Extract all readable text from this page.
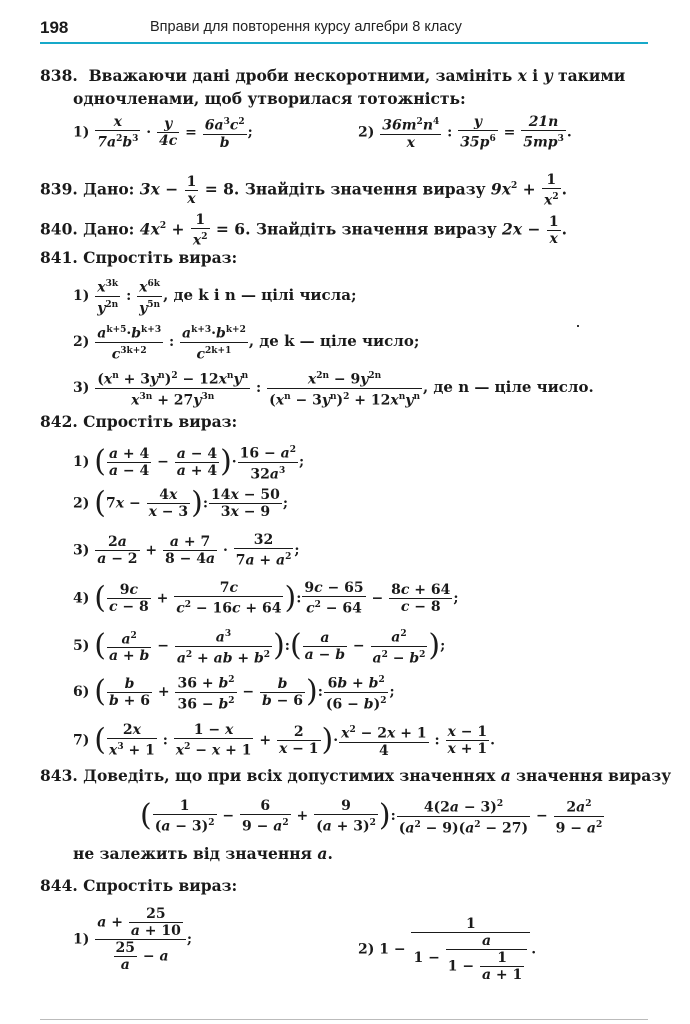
198	Вправи для повторення курсу алгебри 8 класу
838. Вважаючи дані дроби нескоротними, замініть x і y такими
одночленами, щоб утворилася тотожність:
$1) \frac{x}{7a^2b^3} \cdot \frac{y}{4c} = \frac{6a^3c^2}{b}$ ;	$2) \frac{36m^2n^4}{x}$ : $\frac{y}{35p^6} = \frac{21n}{5mp^3}$ .
839. Дано: $3x - \frac{1}{x} = 8$. Знайдіть значення виразу $9x^2 + \frac{1}{x^2}$ .
840. Дано: $4x^2 + \frac{1}{x^2} = 6$. Знайдіть значення виразу $2x - \frac{1}{x}$ .
841. Спростіть вираз:
$1) \frac{x^{3k}}{y^{2n}}$ : $\frac{x^{6k}}{y^{5n}}$ , де k і n — цілі числа;
$2) \frac{a^{k+5}\cdot b^{k+3}}{c^{3k+2}}$ : $\frac{a^{k+3}\cdot b^{k+2}}{c^{2k+1}}$ , де k — ціле число;
3)
$(x^n + 3y^n)^2 - 12x^ny^n$
$x^{3n} + 27y^{3n}$
:
$x^{2n} - 9y^{2n}$
$(x^n - 3y^n)^2 + 12x^ny^n$
, де n — ціле число.
842. Спростіть вираз:
1) ( $\frac{a + 4}{a - 4} - \frac{a - 4}{a + 4}$ )· $\frac{16 - a^2}{32a^3}$ ;
2) ($7x - \frac{4x}{x - 3}$ ): $\frac{14x - 50}{3x - 9}$ ;
$3) \frac{2a}{a - 2} + \frac{a + 7}{8 - 4a} \cdot \frac{32}{7a + a^2}$ ;
4) ( $\frac{9c}{c - 8} + \frac{7c}{c^2 - 16c + 64}$ ): $\frac{9c - 65}{c^2 - 64} - \frac{8c + 64}{c - 8}$ ;
5) ( $\frac{a^2}{a + b} - \frac{a^3}{a^2 + ab + b^2}$ ):( $\frac{a}{a - b} - \frac{a^2}{a^2 - b^2}$ );
6) ( $\frac{b}{b + 6} + \frac{36 + b^2}{36 - b^2} - \frac{b}{b - 6}$ ): $\frac{6b + b^2}{(6 - b)^2}$ ;
7) ( $\frac{2x}{x^3 + 1}$ : $\frac{1 - x}{x^2 - x + 1} + \frac{2}{x - 1}$ )· $\frac{x^2 - 2x + 1}{4}$ : $\frac{x - 1}{x + 1}$ .
843. Доведіть, що при всіх допустимих значеннях a значення виразу
( $\frac{1}{(a - 3)^2} - \frac{6}{9 - a^2} + \frac{9}{(a + 3)^2}$ ): $\frac{4(2a - 3)^2}{(a^2 - 9)(a^2 - 27)} - \frac{2a^2}{9 - a^2}$
не залежить від значення a.
844. Спростіть вираз:
$1) \frac{a + \frac{25}{a + 10}}{\frac{25}{a} - a}$ ;
2) $1 - \frac{1}{1 - \frac{a}{1 - \frac{1}{a + 1}}}$ .
